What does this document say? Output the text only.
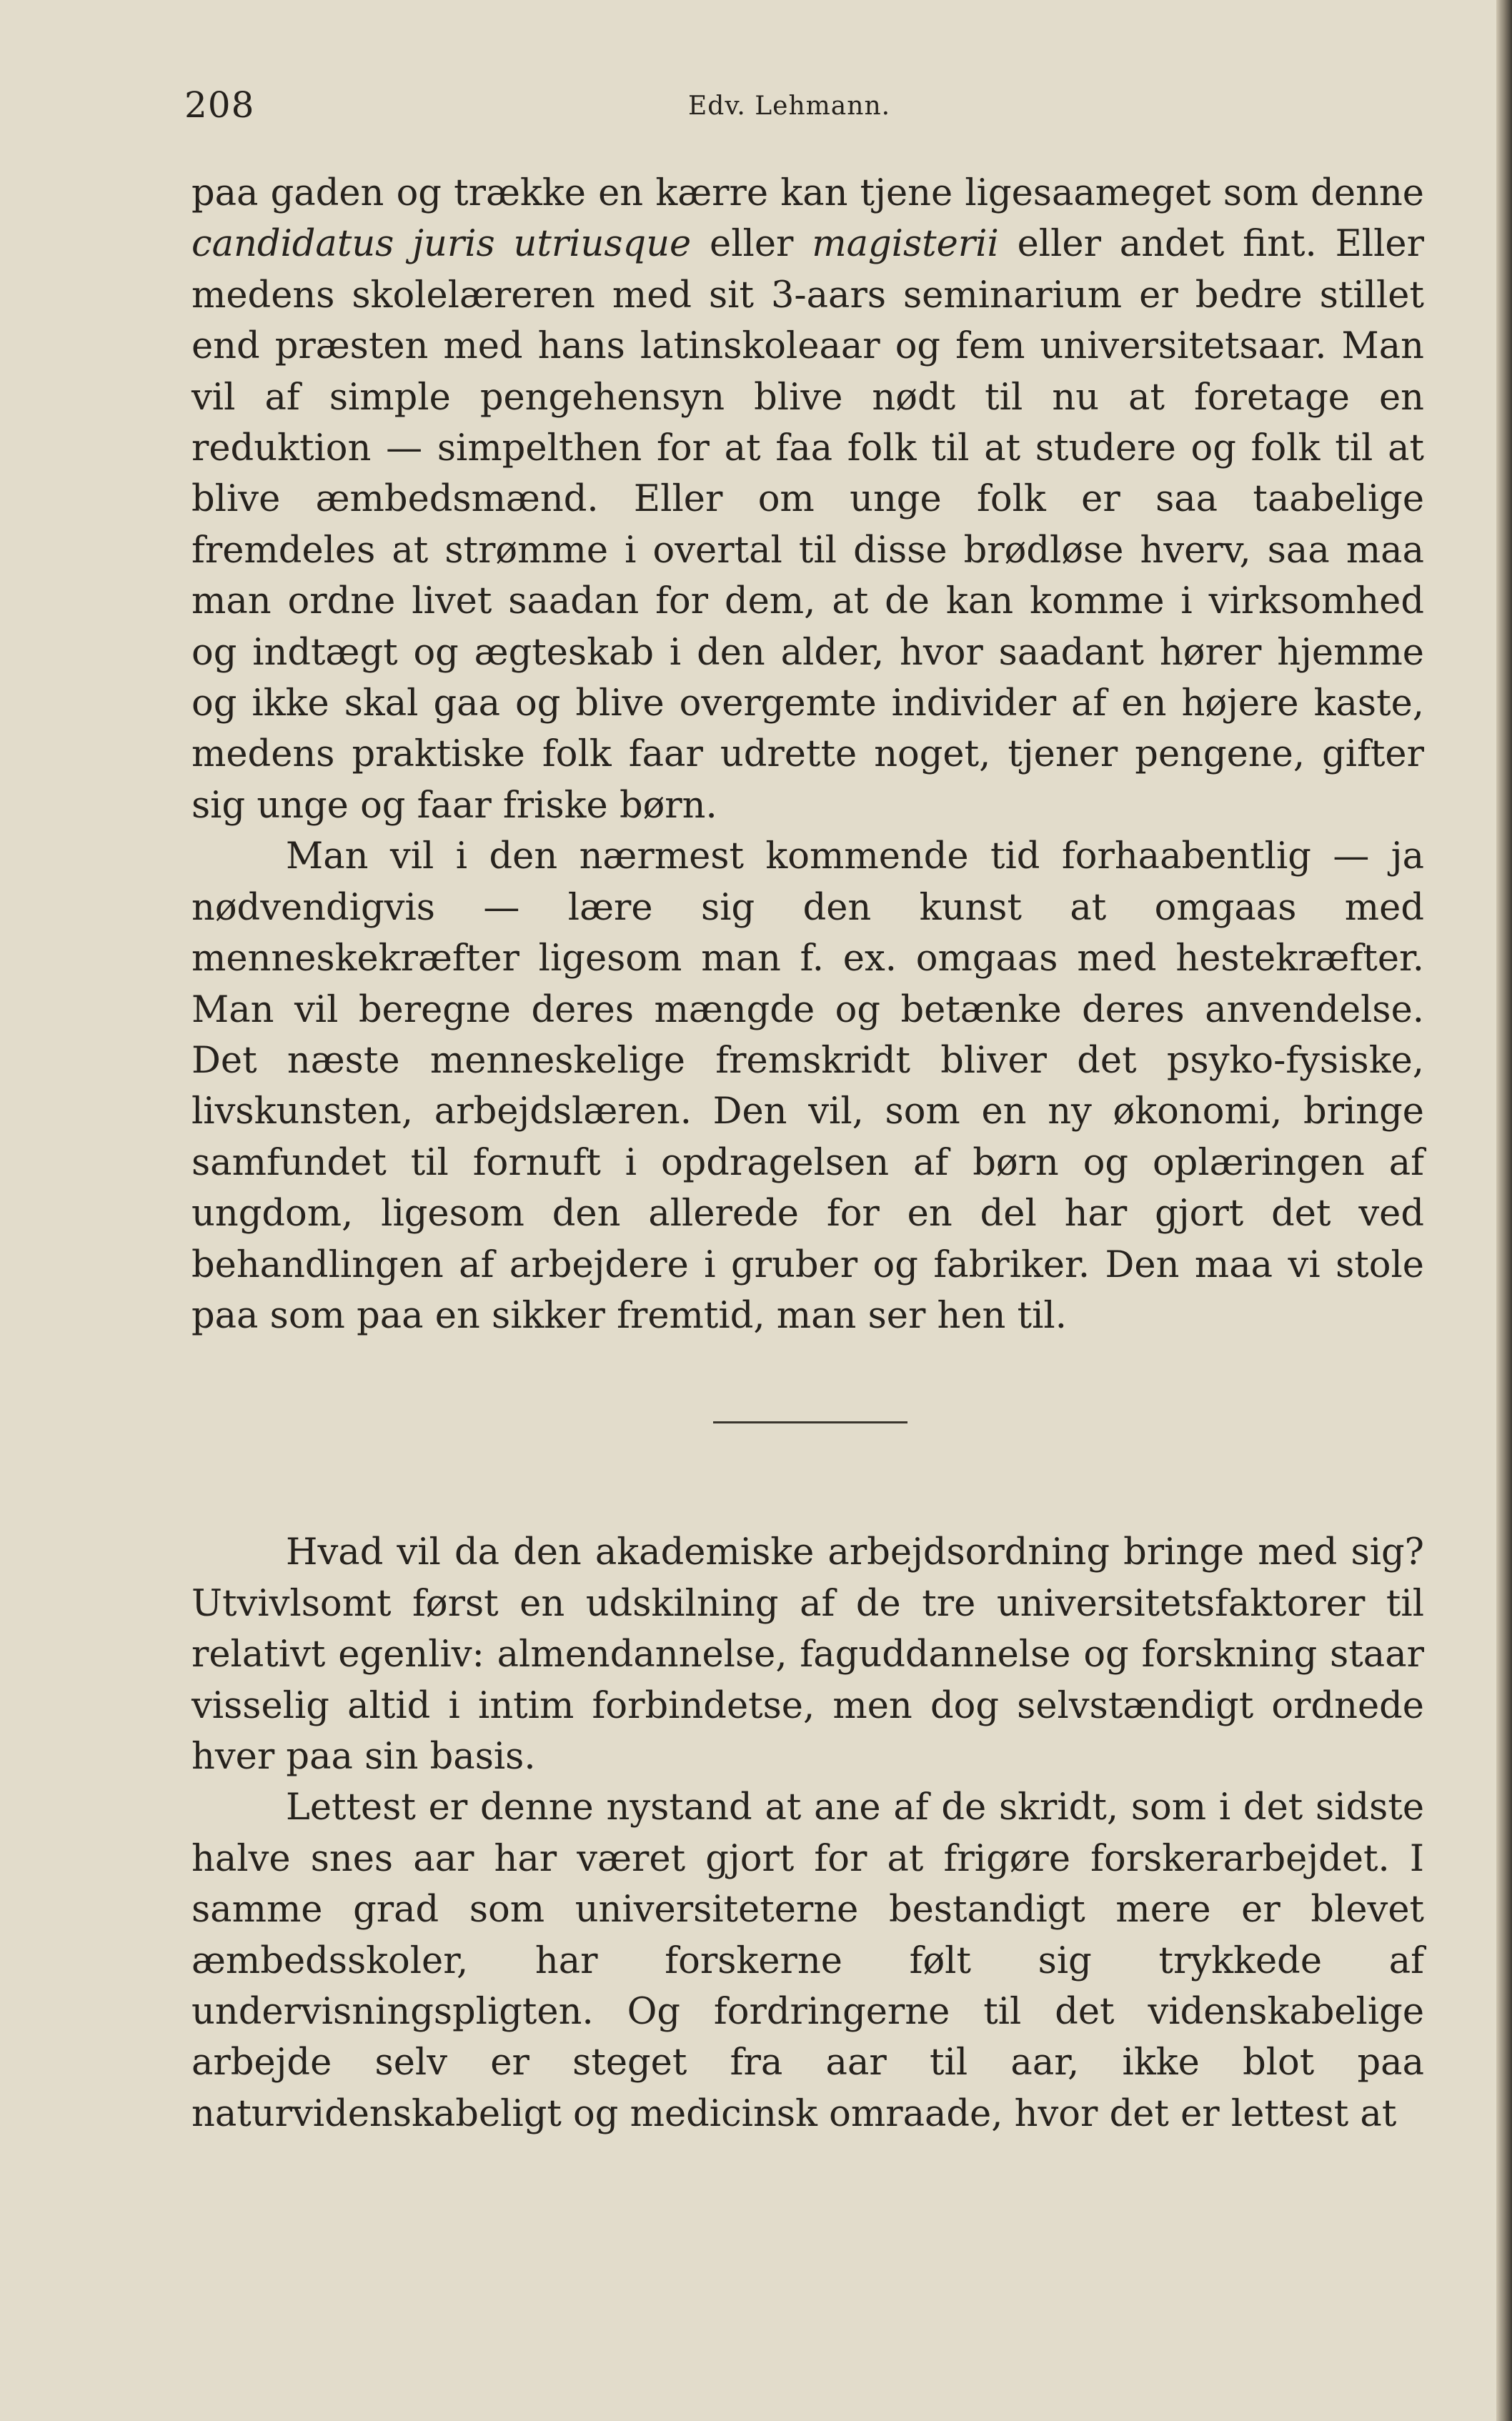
208	Edv. Lehmann.

paa gaden og trække en kærre kan tjene ligesaameget som denne candidatus juris utriusque eller magisterii eller andet fint. Eller medens skolelæreren med sit 3-aars seminarium er bedre stillet end præsten med hans latinskoleaar og fem universitetsaar. Man vil af simple pengehensyn blive nødt til nu at foretage en reduktion — simpelthen for at faa folk til at studere og folk til at blive æmbedsmænd. Eller om unge folk er saa taabelige fremdeles at strømme i overtal til disse brødløse hverv, saa maa man ordne livet saadan for dem, at de kan komme i virksomhed og indtægt og ægteskab i den alder, hvor saadant hører hjemme og ikke skal gaa og blive overgemte individer af en højere kaste, medens praktiske folk faar udrette noget, tjener pengene, gifter sig unge og faar friske børn.

Man vil i den nærmest kommende tid forhaabentlig — ja nødvendigvis — lære sig den kunst at omgaas med menneskekræfter ligesom man f. ex. omgaas med hestekræfter. Man vil beregne deres mængde og betænke deres anvendelse. Det næste menneskelige fremskridt bliver det psyko-fysiske, livskunsten, arbejdslæren. Den vil, som en ny økonomi, bringe samfundet til fornuft i opdragelsen af børn og oplæringen af ungdom, ligesom den allerede for en del har gjort det ved behandlingen af arbejdere i gruber og fabriker. Den maa vi stole paa som paa en sikker fremtid, man ser hen til.

Hvad vil da den akademiske arbejdsordning bringe med sig? Utvivlsomt først en udskilning af de tre universitetsfaktorer til relativt egenliv: almendannelse, faguddannelse og forskning staar visselig altid i intim forbindetse, men dog selvstændigt ordnede hver paa sin basis.

Lettest er denne nystand at ane af de skridt, som i det sidste halve snes aar har været gjort for at frigøre forskerarbejdet. I samme grad som universiteterne bestandigt mere er blevet æmbedsskoler, har forskerne følt sig trykkede af undervisningspligten. Og fordringerne til det videnskabelige arbejde selv er steget fra aar til aar, ikke blot paa naturvidenskabeligt og medicinsk omraade, hvor det er lettest at
